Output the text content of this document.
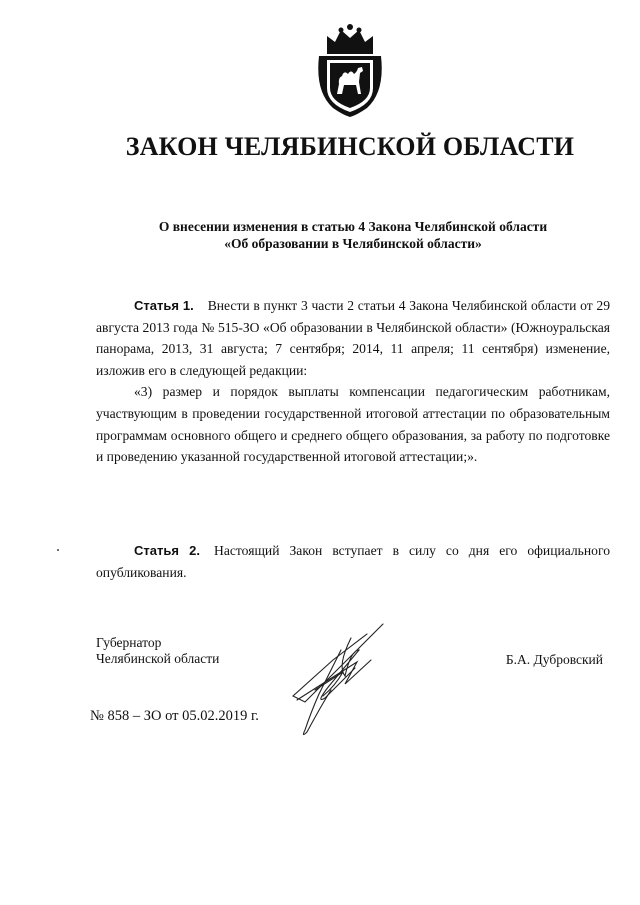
ЗАКОН ЧЕЛЯБИНСКОЙ ОБЛАСТИ
О внесении изменения в статью 4 Закона Челябинской области
«Об образовании в Челябинской области»

Статья 1. Внести в пункт 3 части 2 статьи 4 Закона Челябинской области от 29 августа 2013 года № 515-ЗО «Об образовании в Челябинской области» (Южноуральская панорама, 2013, 31 августа; 7 сентября; 2014, 11 апреля; 11 сентября) изменение, изложив его в следующей редакции:

«3) размер и порядок выплаты компенсации педагогическим работникам, участвующим в проведении государственной итоговой аттестации по образовательным программам основного общего и среднего общего образования, за работу по подготовке и проведению указанной государственной итоговой аттестации;».

Статья 2. Настоящий Закон вступает в силу со дня его официального опубликования.

Губернатор
Челябинской области	Б.А. Дубровский
№ 858 – ЗО от 05.02.2019 г.
